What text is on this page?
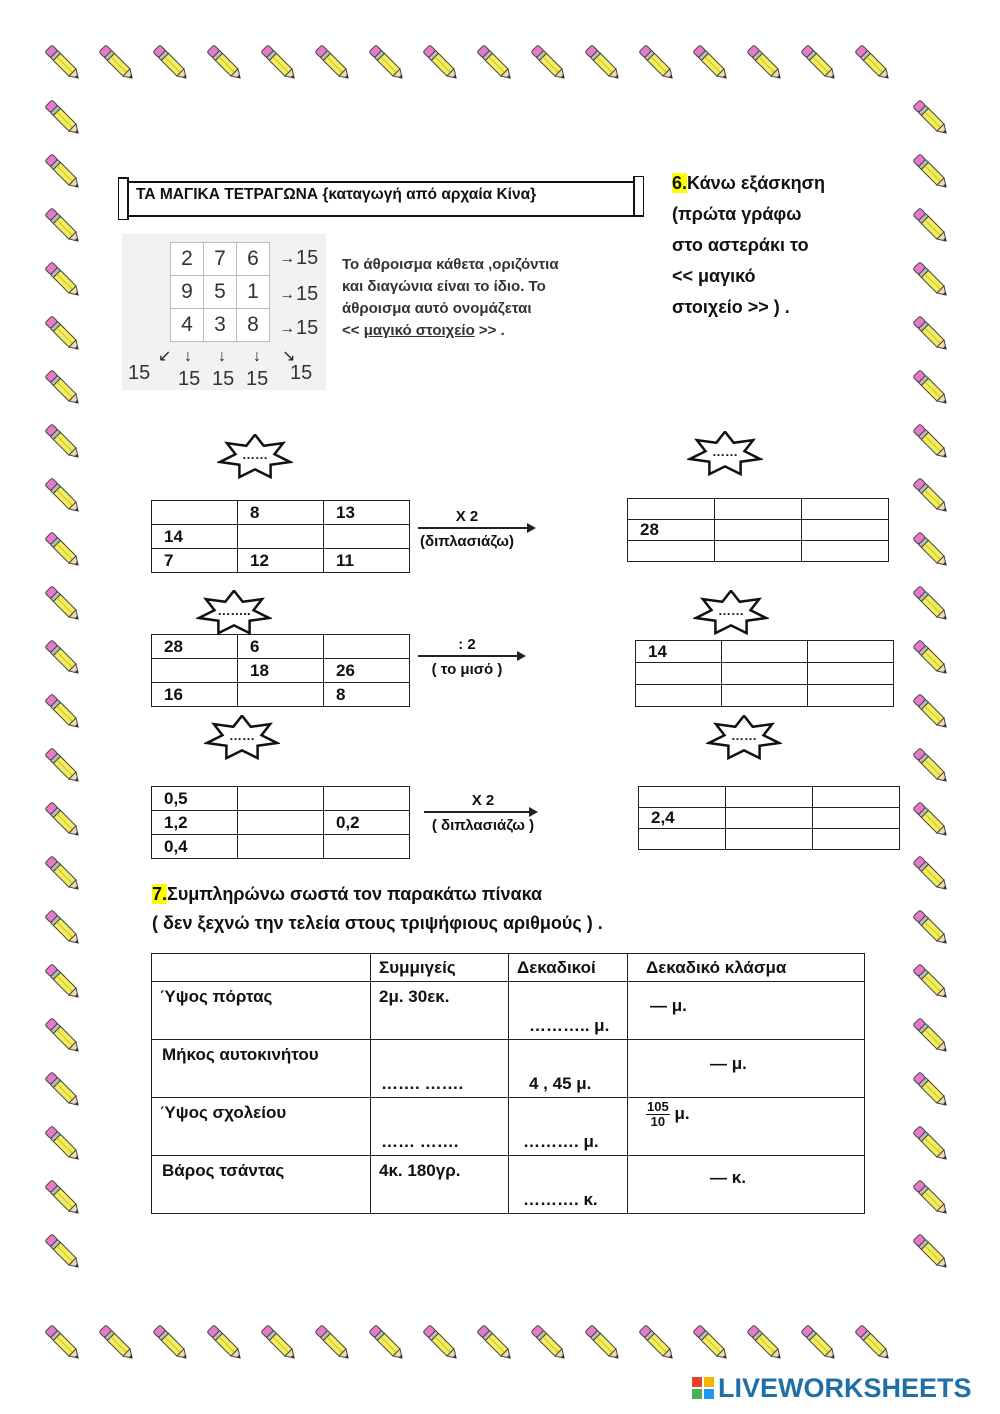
ΤΑ ΜΑΓΙΚΑ ΤΕΤΡΑΓΩΝΑ {καταγωγή από αρχαία Κίνα}
2	7	6
9	5	1
4	3	8
→ 15
→ 15
→ 15
↙ ↓ ↓ ↓ ↘
15 15 15 15 15
Το άθροισμα κάθετα ,οριζόντια
και διαγώνια είναι το ίδιο. Το
άθροισμα αυτό ονομάζεται
<< μαγικό στοιχείο >> .
6.Κάνω εξάσκηση
(πρώτα γράφω
στο αστεράκι το
<< μαγικό
στοιχείο >> ) .
……	……
……..	……
……	……
	8	13
14		
7	12	11

28		

28	6	
	18	26
16		8
14		

0,5		
1,2		0,2
0,4		

2,4		

Χ 2
(διπλασιάζω)
: 2
( το μισό )
Χ 2
( διπλασιάζω )
7.Συμπληρώνω σωστά τον παρακάτω πίνακα
( δεν ξεχνώ την τελεία στους τριψήφιους αριθμούς ) .

	Συμμιγείς	Δεκαδικοί	Δεκαδικό κλάσμα

Ύψος πόρτας	2μ. 30εκ.	……….. μ.	— μ.

Μήκος αυτοκινήτου	……. …….	4 , 45 μ.	— μ.

Ύψος σχολείου	…… …….	………. μ.	$\frac{105}{10} \mu$.

Βάρος τσάντας	4κ. 180γρ.	………. κ.	— κ.
LIVEWORKSHEETS
